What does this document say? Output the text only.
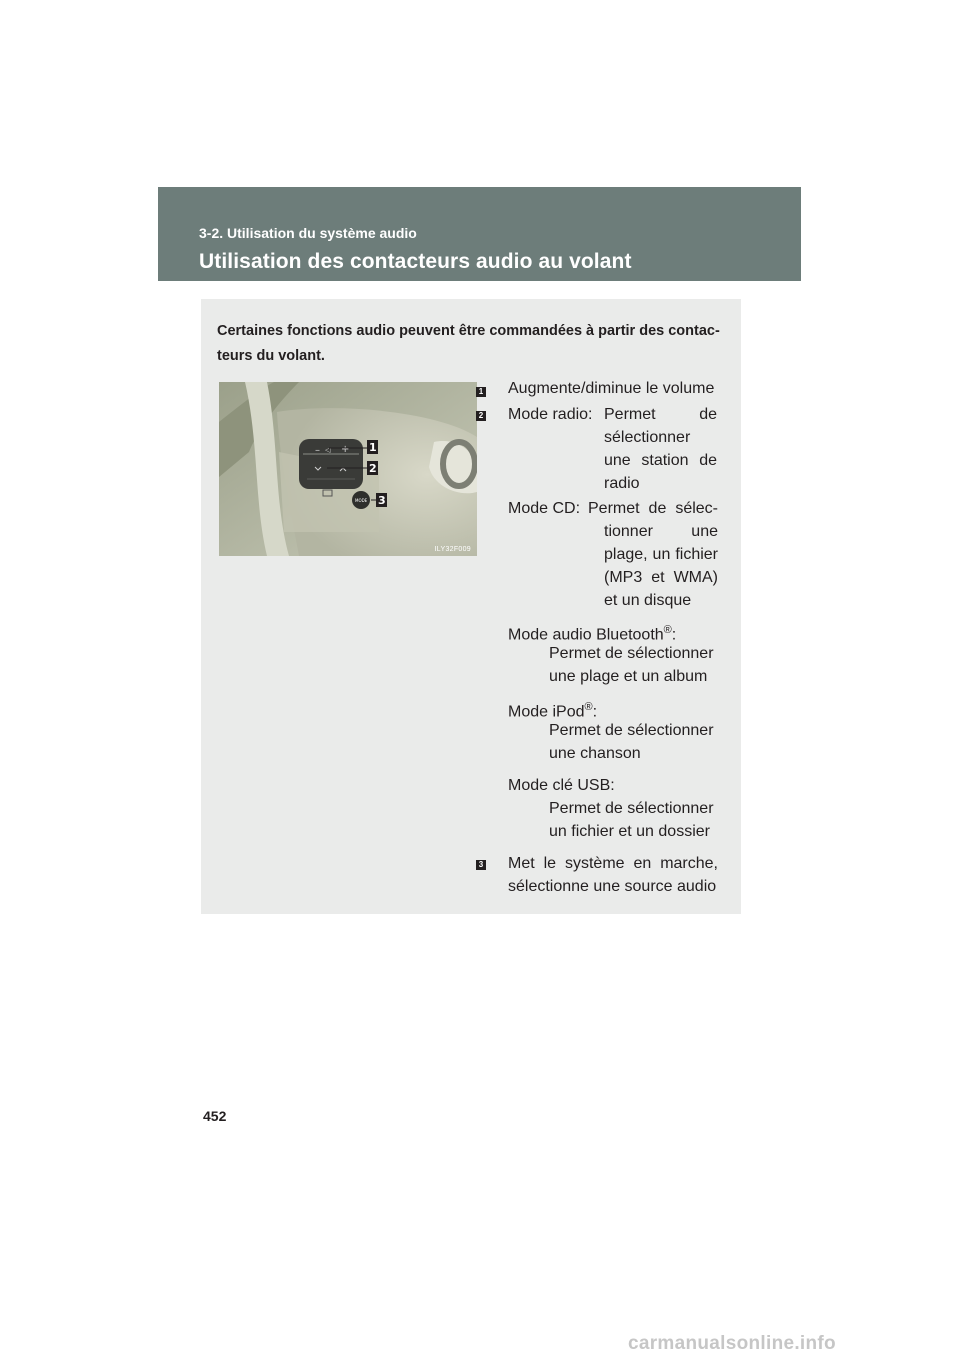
3-2. Utilisation du système audio
Utilisation des contacteurs audio au volant
Certaines fonctions audio peuvent être commandées à partir des contac-teurs du volant.
– ◁ +
MODE
1
2
3
ILY32F009
1 Augmente/diminue le volume
2 Mode radio: Permet de
sélectionner
une station de
radio
Mode CD: Permet de sélec-
tionner une
plage, un fichier
(MP3 et WMA)
et un disque
Mode audio Bluetooth®:
Permet de sélectionner
une plage et un album
Mode iPod®:
Permet de sélectionner
une chanson
Mode clé USB:
Permet de sélectionner
un fichier et un dossier
3 Met le système en marche,
sélectionne une source audio
452
carmanualsonline.info
